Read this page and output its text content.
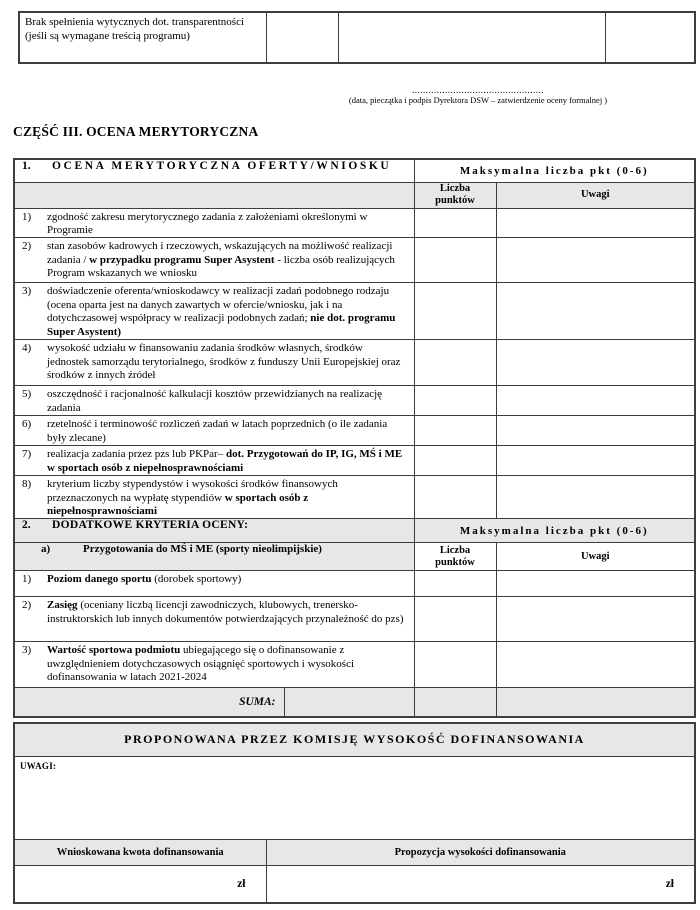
Brak spełnienia wytycznych dot. transparentności (jeśli są wymagane treścią programu)			
................................................
(data, pieczątka i podpis Dyrektora DSW – zatwierdzenie oceny formalnej )
CZĘŚĆ III. OCENA MERYTORYCZNA
1. OCENA MERYTORYCZNA OFERTY/WNIOSKU		Maksymalna liczba pkt (0-6)	

		Liczba punktów	Uwagi

1) zgodność zakresu merytorycznego zadania z założeniami określonymi w Programie			

2) stan zasobów kadrowych i rzeczowych, wskazujących na możliwość realizacji zadania / w przypadku programu Super Asystent - liczba osób realizujących Program wskazanych we wniosku			

3) doświadczenie oferenta/wnioskodawcy w realizacji zadań podobnego rodzaju (ocena oparta jest na danych zawartych w ofercie/wniosku, jak i na dotychczasowej współpracy w realizacji podobnych zadań; nie dot. programu Super Asystent)			

4) wysokość udziału w finansowaniu zadania środków własnych, środków jednostek samorządu terytorialnego, środków z funduszy Unii Europejskiej oraz środków z innych źródeł			

5) oszczędność i racjonalność kalkulacji kosztów przewidzianych na realizację zadania			

6) rzetelność i terminowość rozliczeń zadań w latach poprzednich (o ile zadania były zlecane)			

7) realizacja zadania przez pzs lub PKPar– dot. Przygotowań do IP, IG, MŚ i ME w sportach osób z niepełnosprawnościami			

8) kryterium liczby stypendystów i wysokości środków finansowych przeznaczonych na wypłatę stypendiów w sportach osób z niepełnosprawnościami			

2. DODATKOWE KRYTERIA OCENY:		Maksymalna liczba pkt (0-6)	

a) Przygotowania do MŚ i ME (sporty nieolimpijskie)		Liczba punktów	Uwagi

1) Poziom danego sportu (dorobek sportowy)			

2) Zasięg (oceniany liczbą licencji zawodniczych, klubowych, trenersko-instruktorskich lub innych dokumentów potwierdzających przynależność do pzs)			

3) Wartość sportowa podmiotu ubiegającego się o dofinansowanie z uwzględnieniem dotychczasowych osiągnięć sportowych i wysokości dofinansowania w latach 2021-2024			

SUMA:			
PROPONOWANA PRZEZ KOMISJĘ WYSOKOŚĆ DOFINANSOWANIA	

UWAGI:	

Wnioskowana kwota dofinansowania	Propozycja wysokości dofinansowania
zł	zł
